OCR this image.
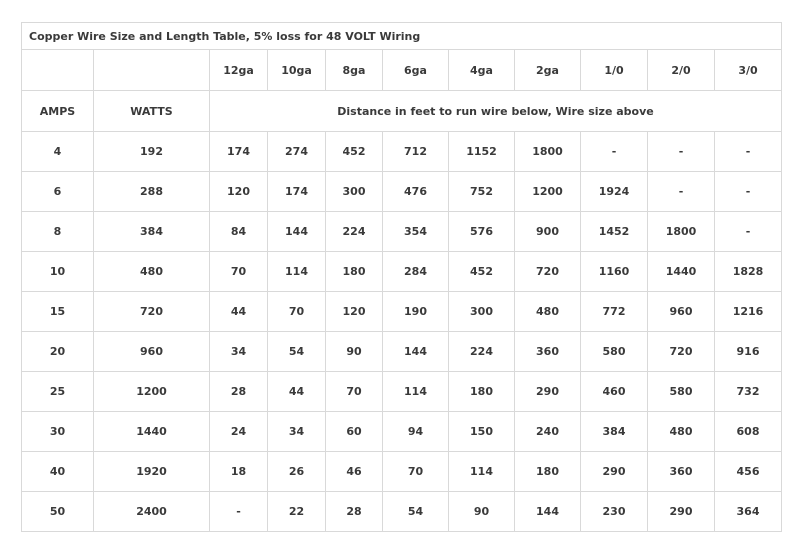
Copper Wire Size and Length Table, 5% loss for 48 VOLT Wiring										
		12ga	10ga	8ga	6ga	4ga	2ga	1/0	2/0	3/0
AMPS	WATTS	Distance in feet to run wire below, Wire size above								
4	192	174	274	452	712	1152	1800	-	-	-
6	288	120	174	300	476	752	1200	1924	-	-
8	384	84	144	224	354	576	900	1452	1800	-
10	480	70	114	180	284	452	720	1160	1440	1828
15	720	44	70	120	190	300	480	772	960	1216
20	960	34	54	90	144	224	360	580	720	916
25	1200	28	44	70	114	180	290	460	580	732
30	1440	24	34	60	94	150	240	384	480	608
40	1920	18	26	46	70	114	180	290	360	456
50	2400	-	22	28	54	90	144	230	290	364
